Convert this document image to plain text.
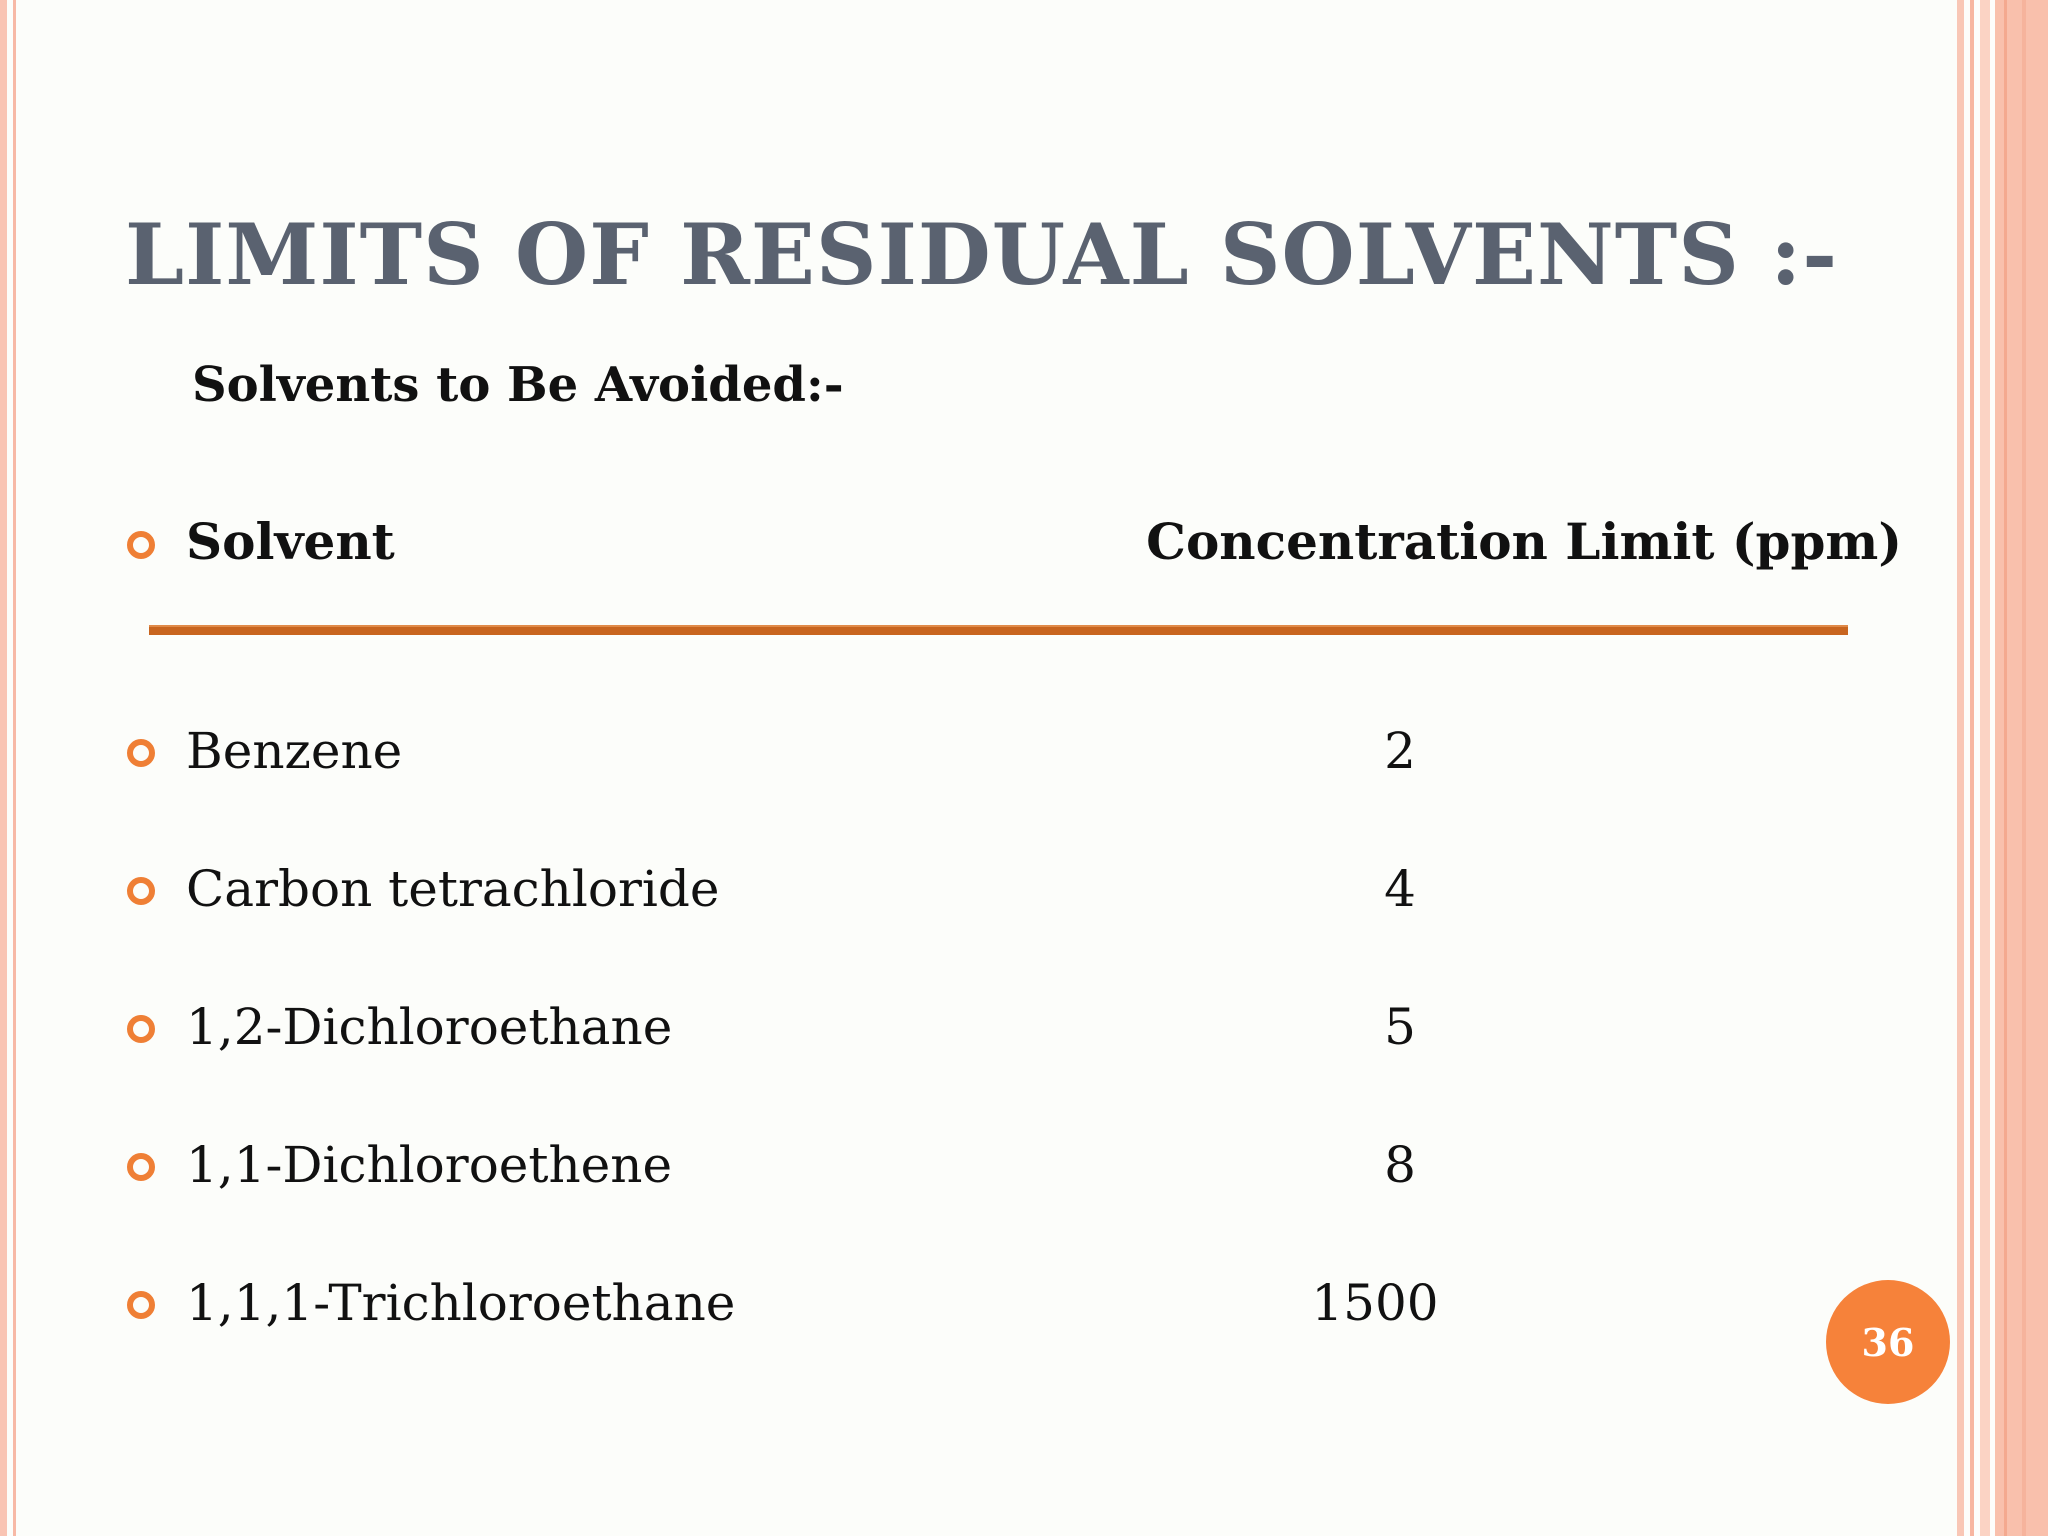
LIMITS OF RESIDUAL SOLVENTS :-
Solvents to Be Avoided:-
Solvent	Concentration Limit (ppm)
Benzene	2
Carbon tetrachloride	4
1,2-Dichloroethane	5
1,1-Dichloroethene	8
1,1,1-Trichloroethane	1500
36
